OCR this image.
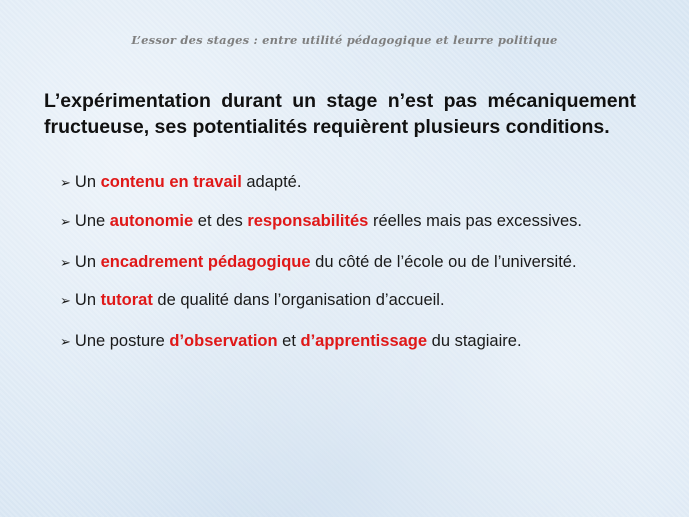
L’essor des stages : entre utilité pédagogique et leurre politique
L’expérimentation durant un stage n’est pas mécaniquement fructueuse, ses potentialités requièrent plusieurs conditions.
➢ Un contenu en travail adapté.
➢ Une autonomie et des responsabilités réelles mais pas excessives.
➢ Un encadrement pédagogique du côté de l’école ou de l’université.
➢ Un tutorat de qualité dans l’organisation d’accueil.
➢ Une posture d’observation et d’apprentissage du stagiaire.
